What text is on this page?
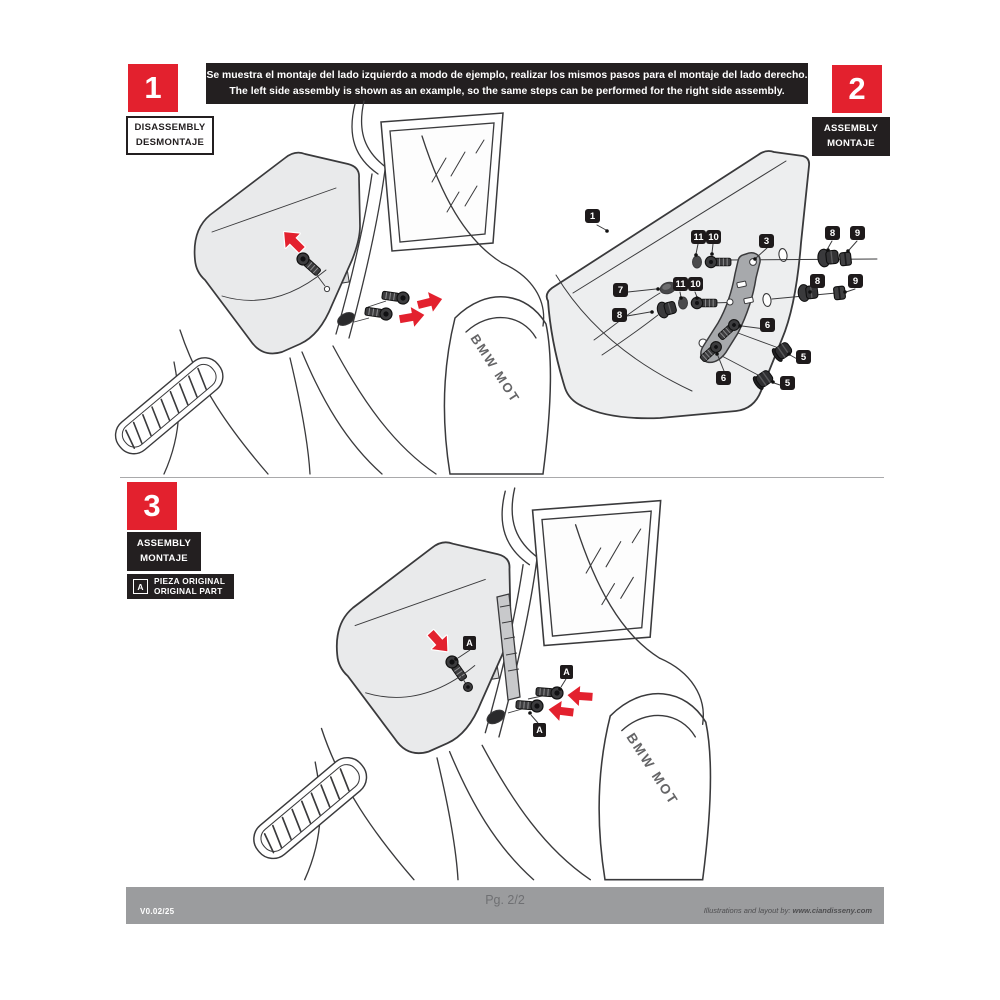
1	Se muestra el montaje del lado izquierdo a modo de ejemplo, realizar los mismos pasos para el montaje del lado derecho.
The left side assembly is shown as an example, so the same steps can be performed for the right side assembly. 2
DISASSEMBLY
DESMONTAJE
ASSEMBLY
MONTAJE
3
ASSEMBLY
MONTAJE
A
PIEZA ORIGINAL
ORIGINAL PART
1
11 10	3
8	9
8	9
7
11 10
8
6
5
6	5
A
A
A
V0.02/25
Pg. 2/2
Illustrations and layout by: www.ciandisseny.com
